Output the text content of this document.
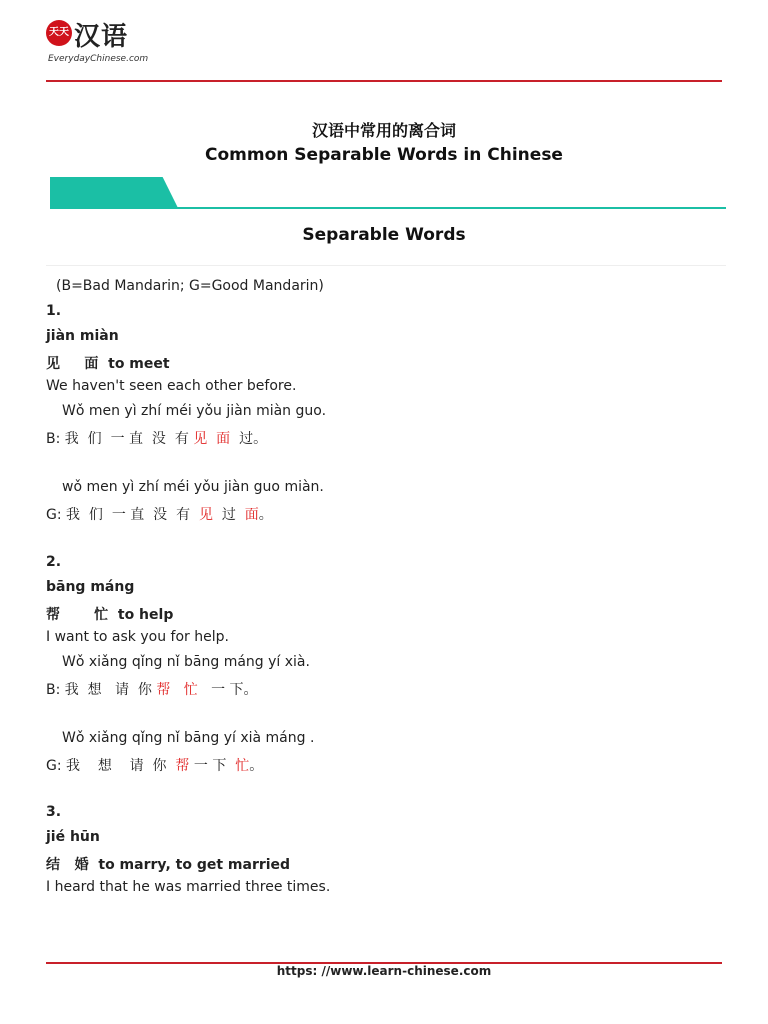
天天 汉语
EverydayChinese.com
汉语中常用的离合词
Common Separable Words in Chinese
Separable Words
(B=Bad Mandarin; G=Good Mandarin)
1.
jiàn miàn
见     面 to meet
We haven't seen each other before.
Wǒ men yì zhí méi yǒu jiàn miàn guo.
B: 我  们  一 直  没  有 见  面  过。
wǒ men yì zhí méi yǒu jiàn guo miàn.
G: 我  们  一 直  没  有  见  过  面。
2.
bāng máng
帮       忙 to help
I want to ask you for help.
Wǒ xiǎng qǐng nǐ bāng máng yí xià.
B: 我  想   请  你 帮   忙   一 下。
Wǒ xiǎng qǐng nǐ bāng yí xià máng .
G: 我    想    请  你  帮 一 下  忙。
3.
jié hūn
结   婚 to marry, to get married
I heard that he was married three times.
https: //www.learn-chinese.com
